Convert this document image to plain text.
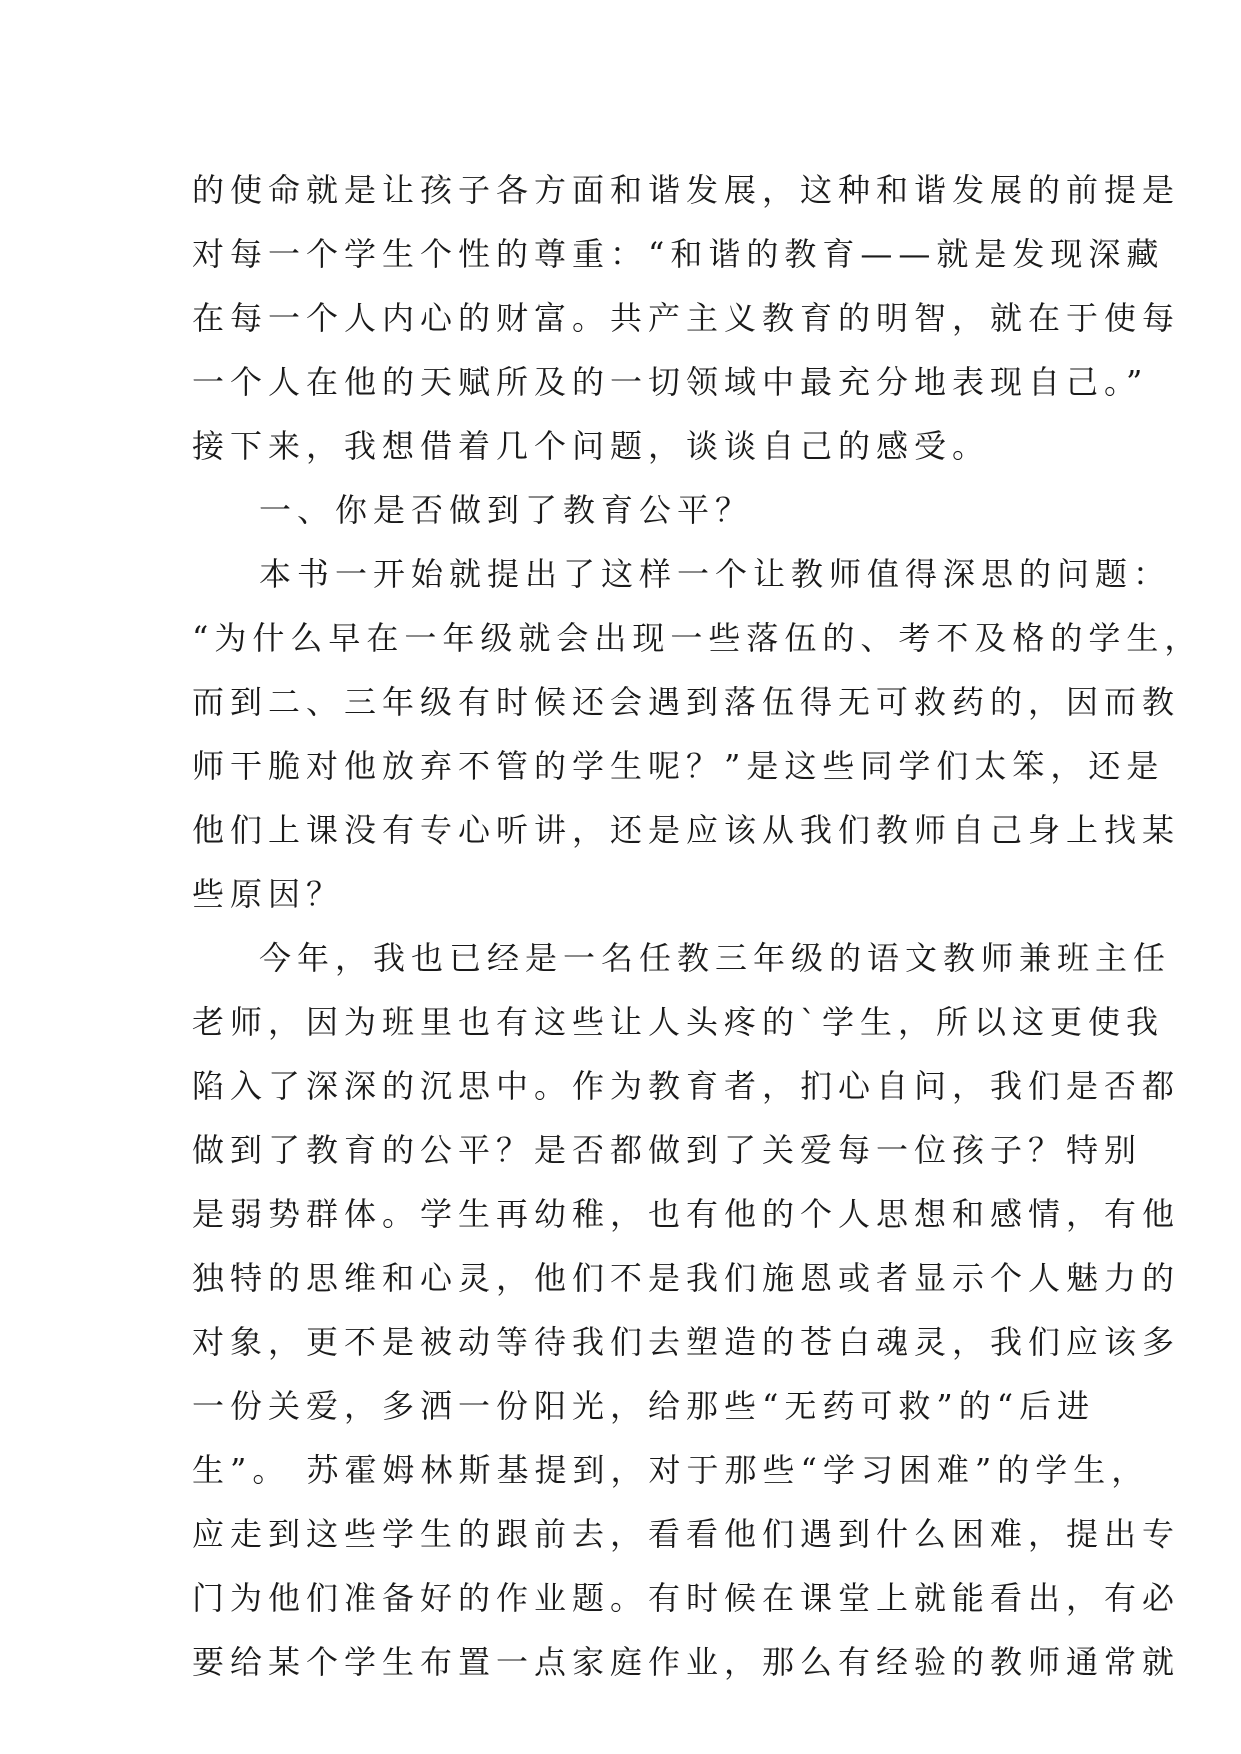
的使命就是让孩子各方面和谐发展，这种和谐发展的前提是
对每一个学生个性的尊重：“和谐的教育——就是发现深藏
在每一个人内心的财富。共产主义教育的明智，就在于使每
一个人在他的天赋所及的一切领域中最充分地表现自己。”
接下来，我想借着几个问题，谈谈自己的感受。
一、你是否做到了教育公平？
本书一开始就提出了这样一个让教师值得深思的问题：
“为什么早在一年级就会出现一些落伍的、考不及格的学生，
而到二、三年级有时候还会遇到落伍得无可救药的，因而教
师干脆对他放弃不管的学生呢？”是这些同学们太笨，还是
他们上课没有专心听讲，还是应该从我们教师自己身上找某
些原因？
今年，我也已经是一名任教三年级的语文教师兼班主任
老师，因为班里也有这些让人头疼的`学生，所以这更使我
陷入了深深的沉思中。作为教育者，扪心自问，我们是否都
做到了教育的公平？是否都做到了关爱每一位孩子？特别
是弱势群体。学生再幼稚，也有他的个人思想和感情，有他
独特的思维和心灵，他们不是我们施恩或者显示个人魅力的
对象，更不是被动等待我们去塑造的苍白魂灵，我们应该多
一份关爱，多洒一份阳光，给那些“无药可救”的“后进
生”。 苏霍姆林斯基提到，对于那些“学习困难”的学生，
应走到这些学生的跟前去，看看他们遇到什么困难，提出专
门为他们准备好的作业题。有时候在课堂上就能看出，有必
要给某个学生布置一点家庭作业，那么有经验的教师通常就
